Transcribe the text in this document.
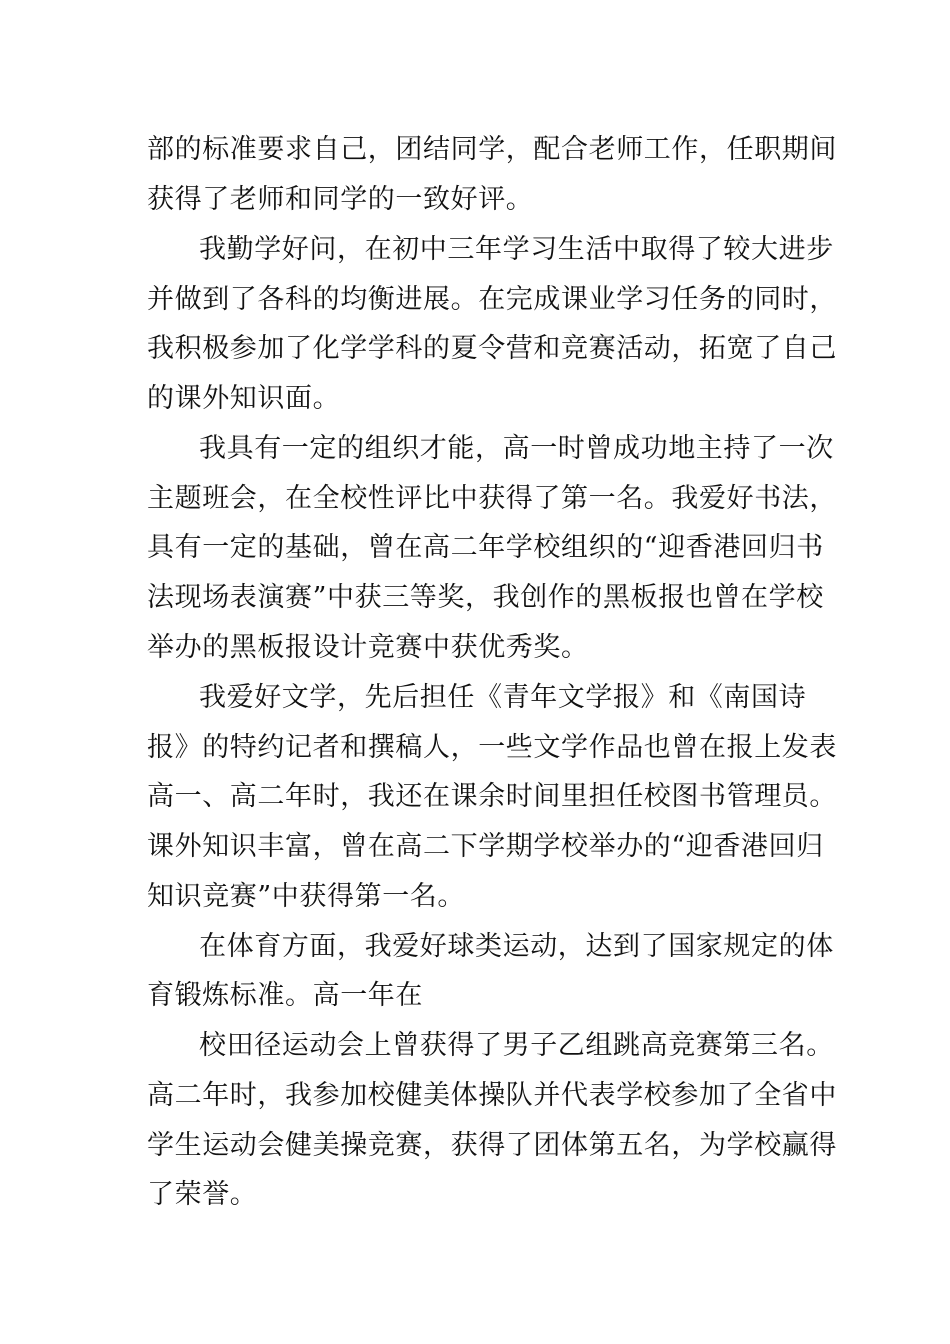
部的标准要求自己，团结同学，配合老师工作，任职期间
获得了老师和同学的一致好评。
我勤学好问，在初中三年学习生活中取得了较大进步
并做到了各科的均衡进展。在完成课业学习任务的同时，
我积极参加了化学学科的夏令营和竞赛活动，拓宽了自己
的课外知识面。
我具有一定的组织才能，高一时曾成功地主持了一次
主题班会，在全校性评比中获得了第一名。我爱好书法，
具有一定的基础，曾在高二年学校组织的“迎香港回归书
法现场表演赛”中获三等奖，我创作的黑板报也曾在学校
举办的黑板报设计竞赛中获优秀奖。
我爱好文学，先后担任《青年文学报》和《南国诗
报》的特约记者和撰稿人，一些文学作品也曾在报上发表
高一、高二年时，我还在课余时间里担任校图书管理员。
课外知识丰富，曾在高二下学期学校举办的“迎香港回归
知识竞赛”中获得第一名。
在体育方面，我爱好球类运动，达到了国家规定的体
育锻炼标准。高一年在
校田径运动会上曾获得了男子乙组跳高竞赛第三名。
高二年时，我参加校健美体操队并代表学校参加了全省中
学生运动会健美操竞赛，获得了团体第五名，为学校赢得
了荣誉。
